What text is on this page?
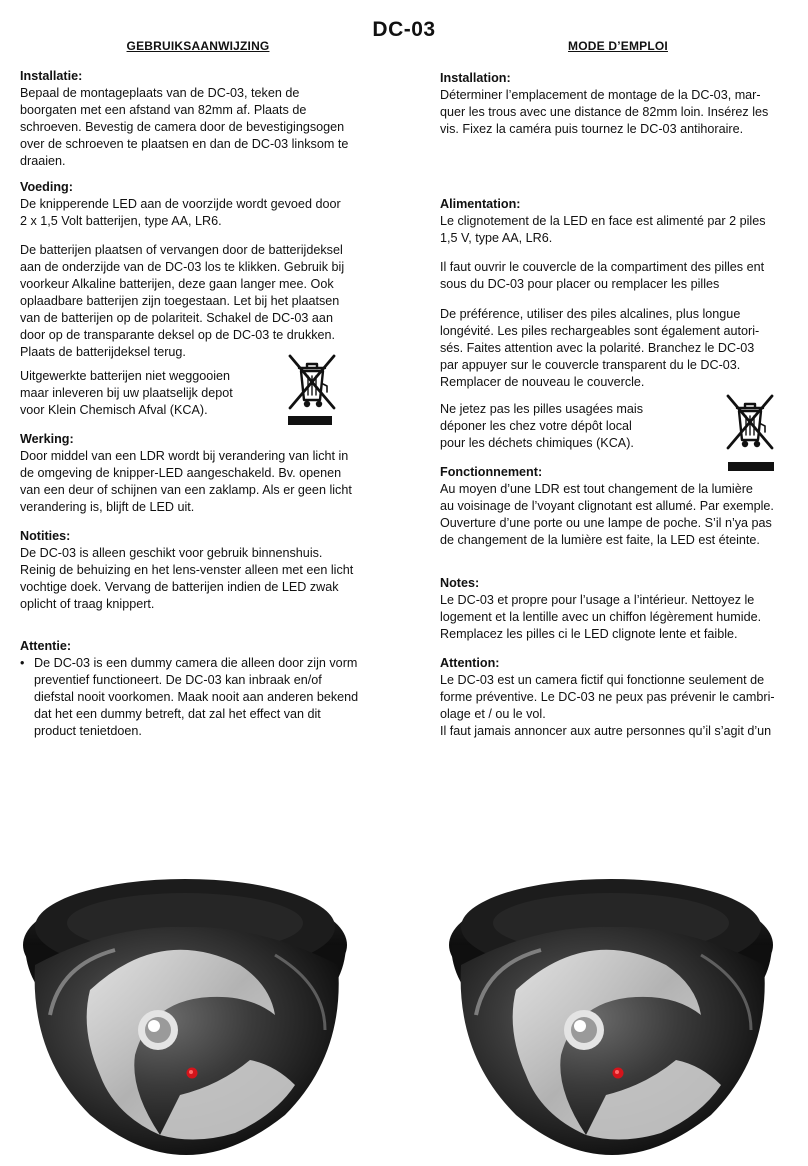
DC-03
GEBRUIKSAANWIJZING
Installatie:
Bepaal de montageplaats van de DC-03, teken de
boorgaten met een afstand van 82mm af. Plaats de
schroeven. Bevestig de camera door de bevestigingsogen
over de schroeven te plaatsen en dan de DC-03 linksom te
draaien.
Voeding:
De knipperende LED aan de voorzijde wordt gevoed door
2 x 1,5 Volt batterijen, type AA, LR6.
De batterijen plaatsen of vervangen door de batterijdeksel
aan de onderzijde van de DC-03 los te klikken. Gebruik bij
voorkeur Alkaline batterijen, deze gaan langer mee. Ook
oplaadbare batterijen zijn toegestaan. Let bij het plaatsen
van de batterijen op de polariteit. Schakel de DC-03 aan
door op de transparante deksel op de DC-03 te drukken.
Plaats de batterijdeksel terug.
Uitgewerkte batterijen niet weggooien
maar inleveren bij uw plaatselijk depot
voor Klein Chemisch Afval (KCA).
Werking:
Door middel van een LDR wordt bij verandering van licht in
de omgeving de knipper-LED aangeschakeld. Bv. openen
van een deur of schijnen van een zaklamp. Als er geen licht
verandering is, blijft de LED uit.
Notities:
De DC-03 is alleen geschikt voor gebruik binnenshuis.
Reinig de behuizing en het lens-venster alleen met een licht
vochtige doek. Vervang de batterijen indien de LED zwak
oplicht of traag knippert.
Attentie:
• De DC-03 is een dummy camera die alleen door zijn vorm
preventief functioneert. De DC-03 kan inbraak en/of
diefstal nooit voorkomen. Maak nooit aan anderen bekend
dat het een dummy betreft, dat zal het effect van dit
product tenietdoen.
MODE D’EMPLOI
Installation:
Déterminer l’emplacement de montage de la DC-03, mar-
quer les trous avec une distance de 82mm loin. Insérez les
vis. Fixez la caméra puis tournez le DC-03 antihoraire.
Alimentation:
Le clignotement de la LED en face est alimenté par 2 piles
1,5 V, type AA, LR6.
Il faut ouvrir le couvercle de la compartiment des pilles ent
sous du DC-03 pour placer ou remplacer les pilles
De préférence, utiliser des piles alcalines, plus longue
longévité. Les piles rechargeables sont également autori-
sés. Faites attention avec la polarité. Branchez le DC-03
par appuyer sur le couvercle transparent du le DC-03.
Remplacer de nouveau le couvercle.
Ne jetez pas les pilles usagées mais
déponer les chez votre dépôt local
pour les déchets chimiques (KCA).
Fonctionnement:
Au moyen d’une LDR est tout changement de la lumière
au voisinage de l’voyant clignotant est allumé. Par exemple.
Ouverture d’une porte ou une lampe de poche. S’il n’ya pas
de changement de la lumière est faite, la LED est éteinte.
Notes:
Le DC-03 et propre pour l’usage a l’intérieur. Nettoyez le
logement et la lentille avec un chiffon légèrement humide.
Remplacez les pilles ci le LED clignote lente et faible.
Attention:
Le DC-03 est un camera fictif qui fonctionne seulement de
forme préventive. Le DC-03 ne peux pas prévenir le cambri-
olage et / ou le vol.
Il faut jamais annoncer aux autre personnes qu’il s’agit d’un
